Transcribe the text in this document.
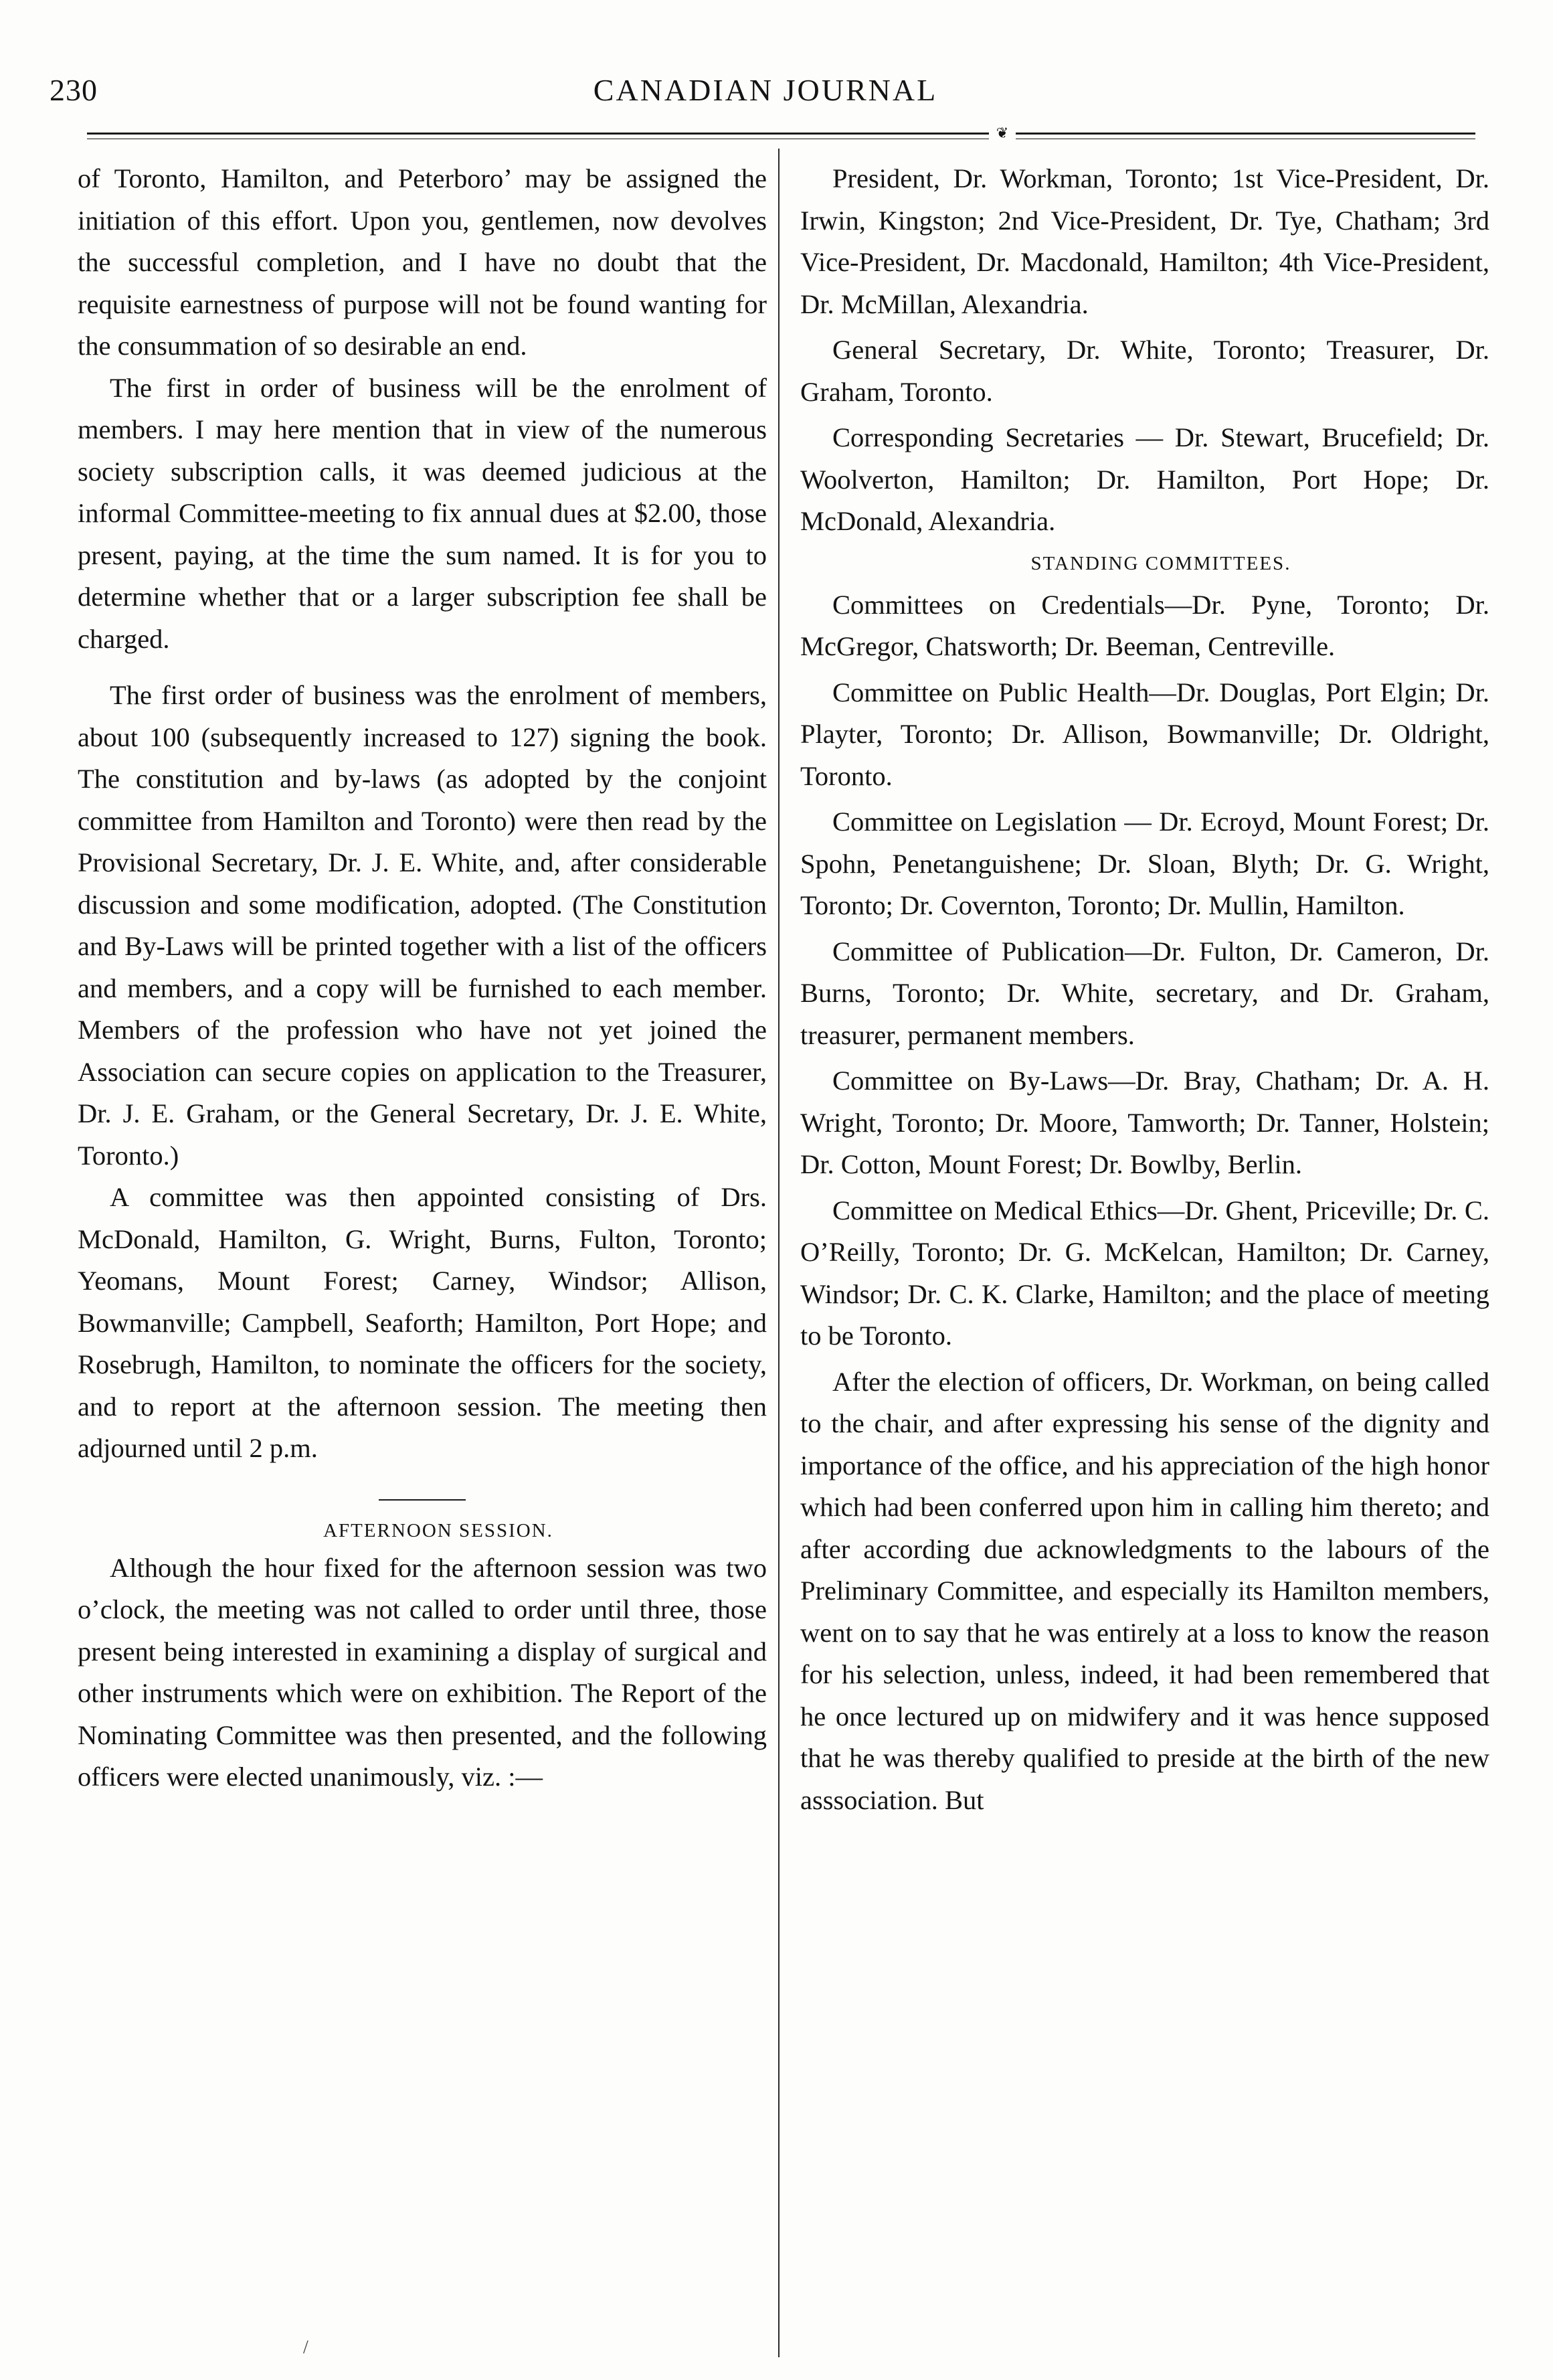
230	CANADIAN JOURNAL
❦

of Toronto, Hamilton, and Peterboro’ may be assigned the initiation of this effort. Upon you, gentlemen, now devolves the successful completion, and I have no doubt that the requisite earnestness of purpose will not be found wanting for the consummation of so desirable an end.

The first in order of business will be the enrolment of members. I may here mention that in view of the numerous society subscription calls, it was deemed judicious at the informal Committee-meeting to fix annual dues at $2.00, those present, paying, at the time the sum named. It is for you to determine whether that or a larger subscription fee shall be charged.

The first order of business was the enrolment of members, about 100 (subsequently increased to 127) signing the book. The constitution and by-laws (as adopted by the conjoint committee from Hamilton and Toronto) were then read by the Provisional Secretary, Dr. J. E. White, and, after considerable discussion and some modification, adopted. (The Constitution and By-Laws will be printed together with a list of the officers and members, and a copy will be furnished to each member. Members of the profession who have not yet joined the Association can secure copies on application to the Treasurer, Dr. J. E. Graham, or the General Secretary, Dr. J. E. White, Toronto.)

A committee was then appointed consisting of Drs. McDonald, Hamilton, G. Wright, Burns, Fulton, Toronto; Yeomans, Mount Forest; Carney, Windsor; Allison, Bowmanville; Campbell, Seaforth; Hamilton, Port Hope; and Rosebrugh, Hamilton, to nominate the officers for the society, and to report at the afternoon session. The meeting then adjourned until 2 p.m.

AFTERNOON SESSION.

Although the hour fixed for the afternoon session was two o’clock, the meeting was not called to order until three, those present being interested in examining a display of surgical and other instruments which were on exhibition. The Report of the Nominating Committee was then presented, and the following officers were elected unanimously, viz. :—

President, Dr. Workman, Toronto; 1st Vice-President, Dr. Irwin, Kingston; 2nd Vice-President, Dr. Tye, Chatham; 3rd Vice-President, Dr. Macdonald, Hamilton; 4th Vice-President, Dr. McMillan, Alexandria.

General Secretary, Dr. White, Toronto; Treasurer, Dr. Graham, Toronto.

Corresponding Secretaries — Dr. Stewart, Brucefield; Dr. Woolverton, Hamilton; Dr. Hamilton, Port Hope; Dr. McDonald, Alexandria.

STANDING COMMITTEES.

Committees on Credentials—Dr. Pyne, Toronto; Dr. McGregor, Chatsworth; Dr. Beeman, Centreville.

Committee on Public Health—Dr. Douglas, Port Elgin; Dr. Playter, Toronto; Dr. Allison, Bowmanville; Dr. Oldright, Toronto.

Committee on Legislation — Dr. Ecroyd, Mount Forest; Dr. Spohn, Penetanguishene; Dr. Sloan, Blyth; Dr. G. Wright, Toronto; Dr. Covernton, Toronto; Dr. Mullin, Hamilton.

Committee of Publication—Dr. Fulton, Dr. Cameron, Dr. Burns, Toronto; Dr. White, secretary, and Dr. Graham, treasurer, permanent members.

Committee on By-Laws—Dr. Bray, Chatham; Dr. A. H. Wright, Toronto; Dr. Moore, Tamworth; Dr. Tanner, Holstein; Dr. Cotton, Mount Forest; Dr. Bowlby, Berlin.

Committee on Medical Ethics—Dr. Ghent, Priceville; Dr. C. O’Reilly, Toronto; Dr. G. McKelcan, Hamilton; Dr. Carney, Windsor; Dr. C. K. Clarke, Hamilton; and the place of meeting to be Toronto.

After the election of officers, Dr. Workman, on being called to the chair, and after expressing his sense of the dignity and importance of the office, and his appreciation of the high honor which had been conferred upon him in calling him thereto; and after according due acknowledgments to the labours of the Preliminary Committee, and especially its Hamilton members, went on to say that he was entirely at a loss to know the reason for his selection, unless, indeed, it had been remembered that he once lectured up on midwifery and it was hence supposed that he was thereby qualified to preside at the birth of the new asssociation. But

/
